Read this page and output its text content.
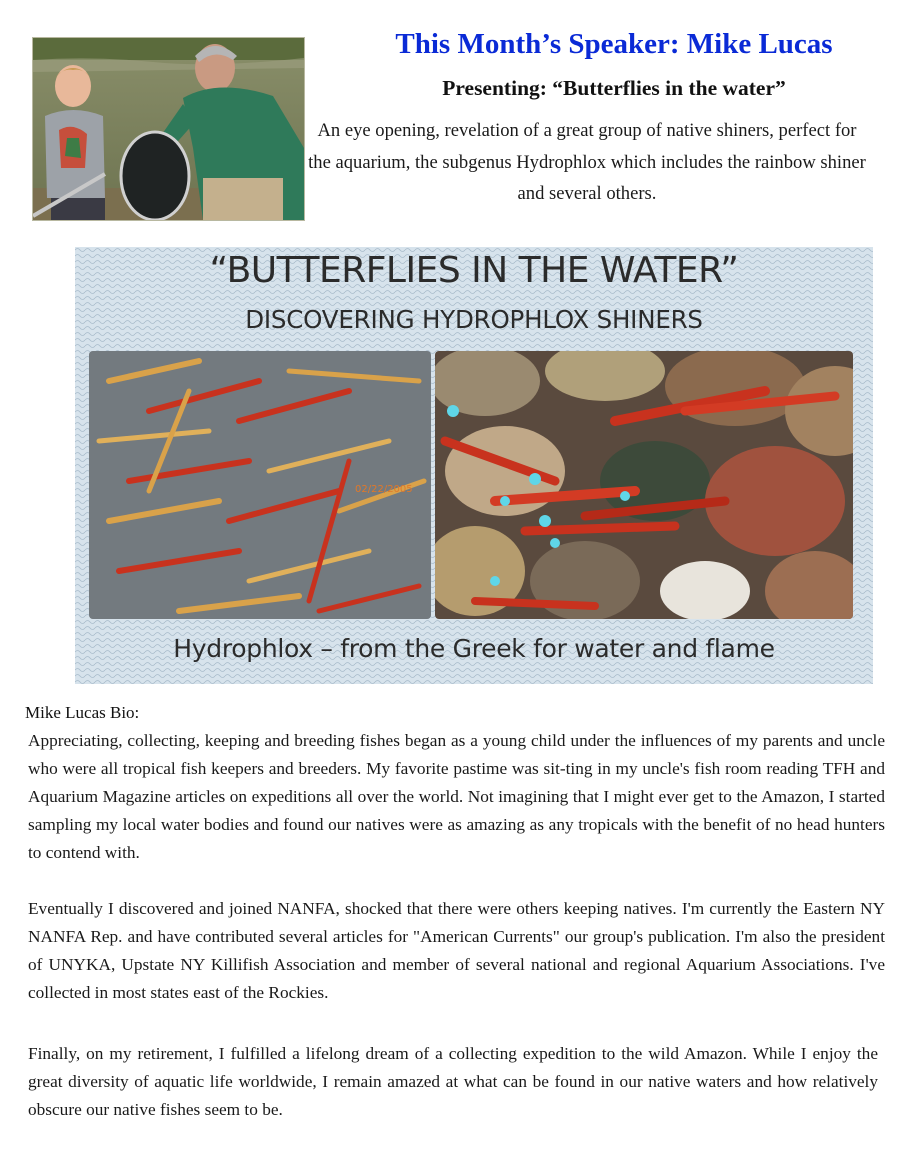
This Month’s Speaker: Mike Lucas
Presenting: “Butterflies in the water”
An eye opening, revelation of a great group of native shiners, perfect for the aquarium, the subgenus Hydrophlox which includes the rainbow shiner and several others.
“BUTTERFLIES IN THE WATER”
DISCOVERING HYDROPHLOX SHINERS
02/22/2005
Hydrophlox – from the Greek for water and flame
Mike Lucas Bio:
Appreciating, collecting, keeping and breeding fishes began as a young child under the influences of my parents and uncle who were all tropical fish keepers and breeders. My favorite pastime was sit-ting in my uncle's fish room reading TFH and Aquarium Magazine articles on expeditions all over the world. Not imagining that I might ever get to the Amazon, I started sampling my local water bodies and found our natives were as amazing as any tropicals with the benefit of no head hunters to contend with.
Eventually I discovered and joined NANFA, shocked that there were others keeping natives. I'm currently the Eastern NY NANFA Rep. and have contributed several articles for "American Currents" our group's publication. I'm also the president of UNYKA, Upstate NY Killifish Association and member of several national and regional Aquarium Associations. I've collected in most states east of the Rockies.
Finally, on my retirement, I fulfilled a lifelong dream of a collecting expedition to the wild Amazon. While I enjoy the great diversity of aquatic life worldwide, I remain amazed at what can be found in our native waters and how relatively obscure our native fishes seem to be.
